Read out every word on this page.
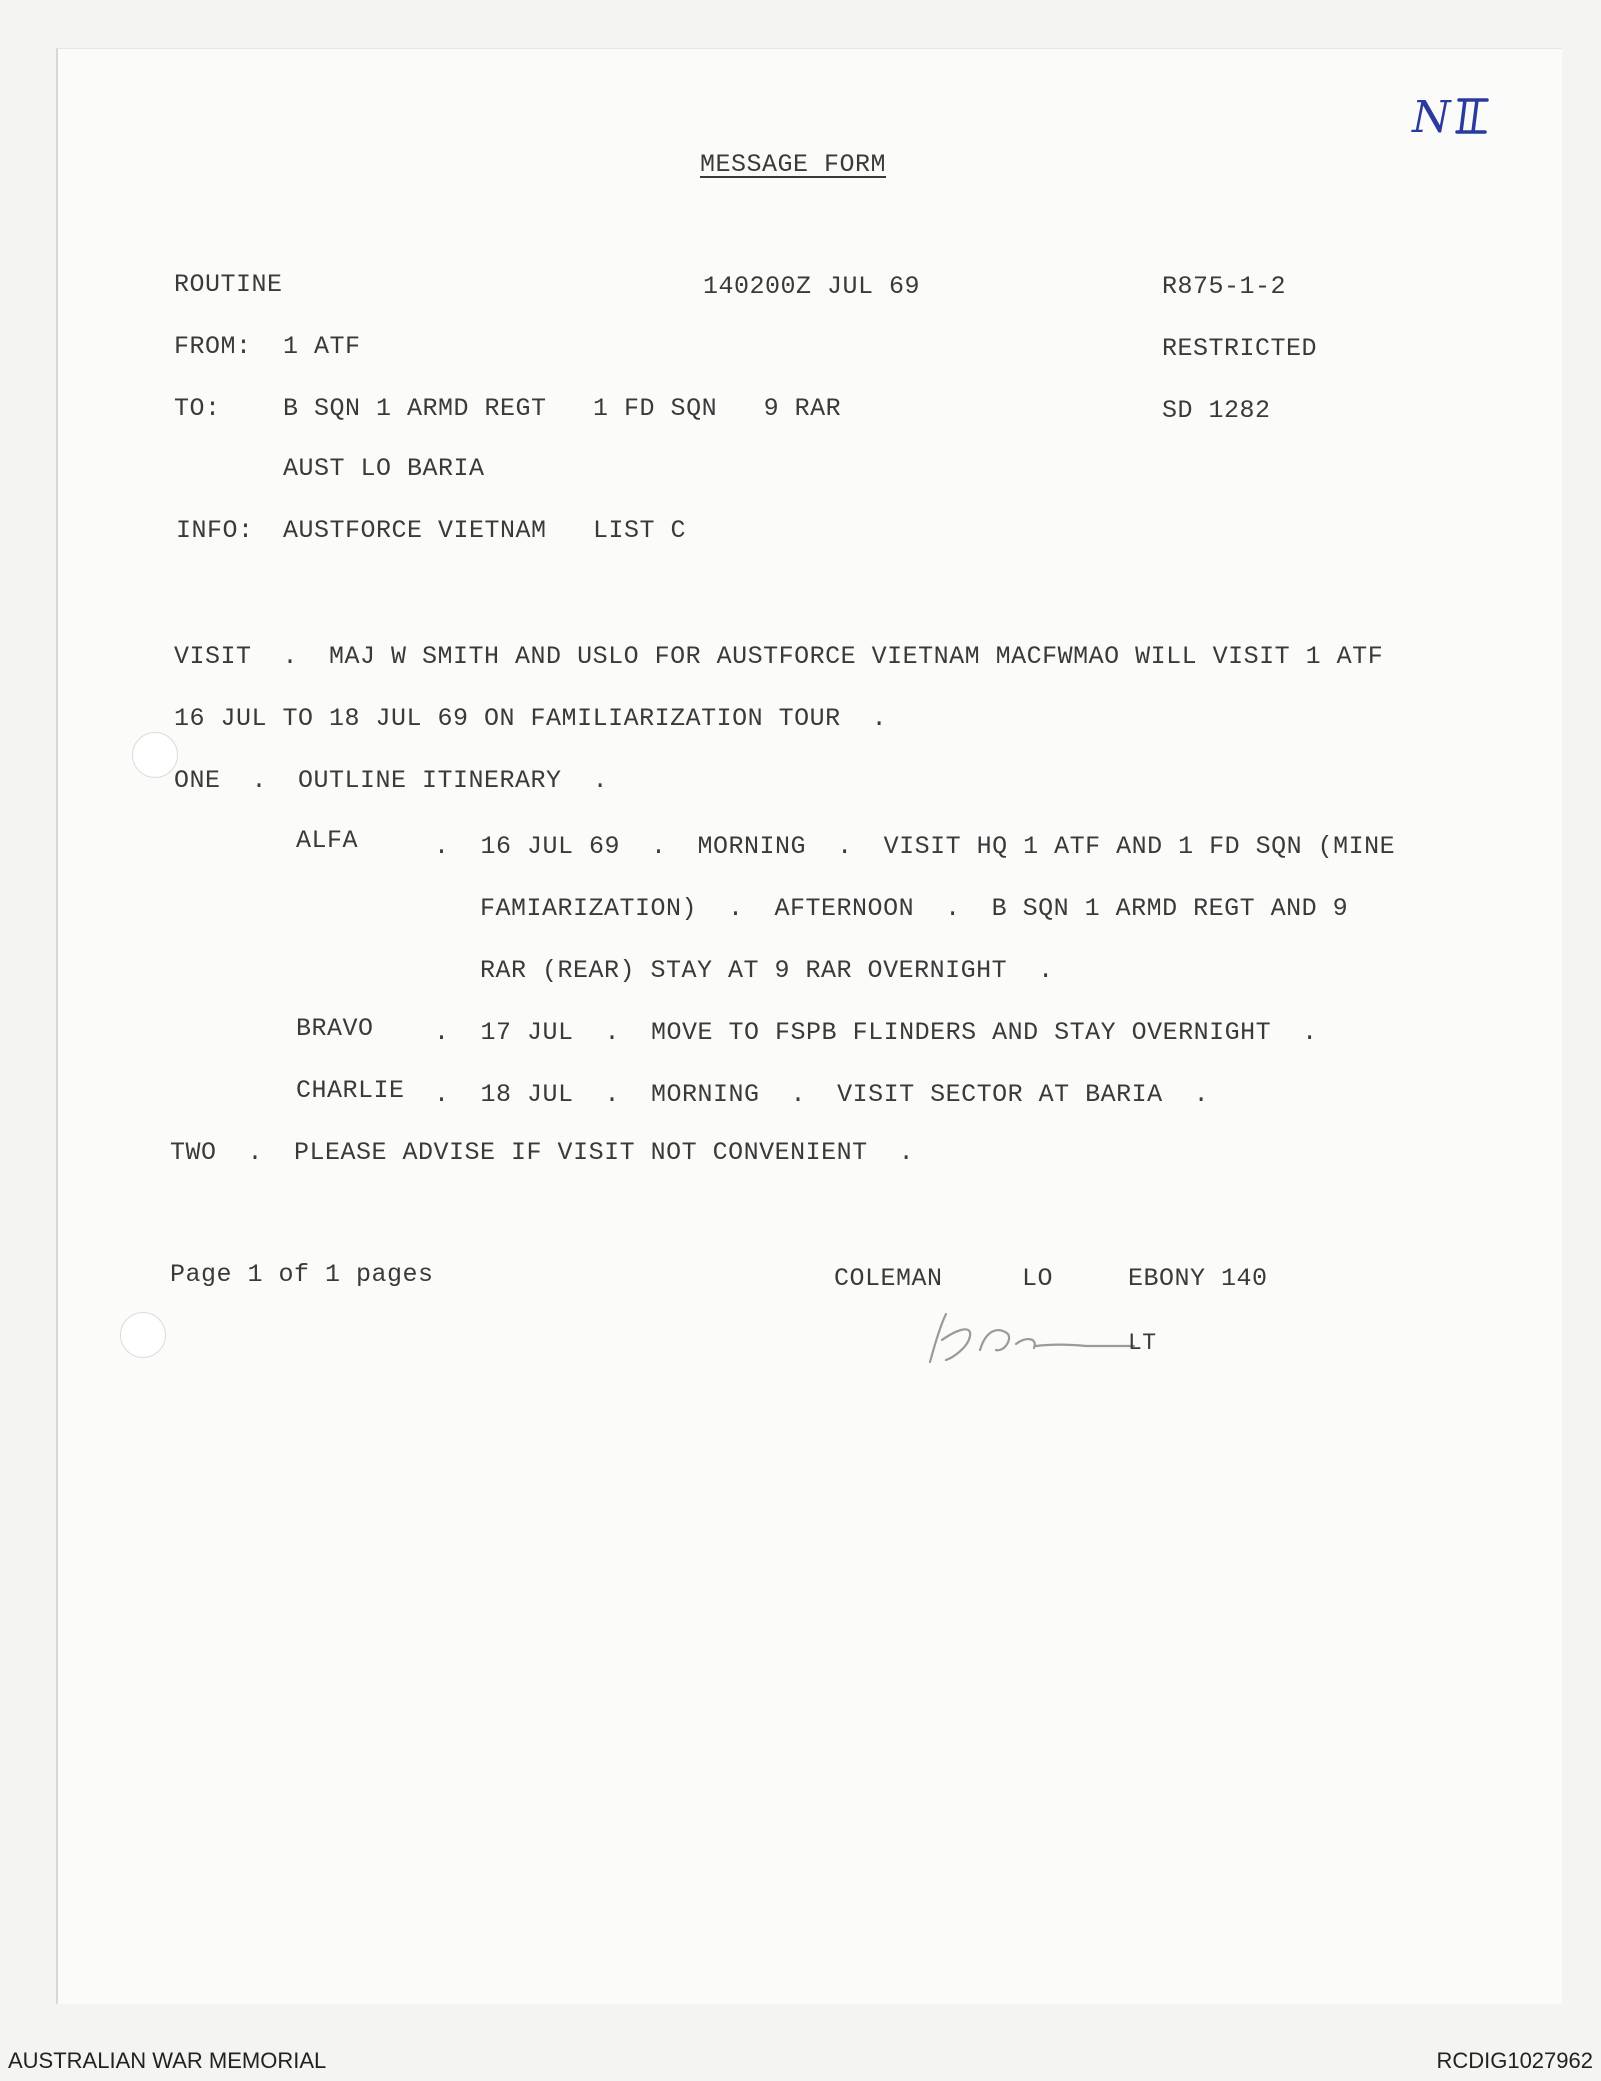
N
MESSAGE FORM
ROUTINE	140200Z JUL 69	R875-1-2
FROM: 1 ATF	RESTRICTED
TO: B SQN 1 ARMD REGT   1 FD SQN   9 RAR	SD 1282
AUST LO BARIA
INFO: AUSTFORCE VIETNAM   LIST C
VISIT  .  MAJ W SMITH AND USLO FOR AUSTFORCE VIETNAM MACFWMAO WILL VISIT 1 ATF
16 JUL TO 18 JUL 69 ON FAMILIARIZATION TOUR  .
ONE  .  OUTLINE ITINERARY  .
ALFA	.  16 JUL 69  .  MORNING  .  VISIT HQ 1 ATF AND 1 FD SQN (MINE
FAMIARIZATION)  .  AFTERNOON  .  B SQN 1 ARMD REGT AND 9
RAR (REAR) STAY AT 9 RAR OVERNIGHT  .
BRAVO .  17 JUL  .  MOVE TO FSPB FLINDERS AND STAY OVERNIGHT  .
CHARLIE .  18 JUL  .  MORNING  .  VISIT SECTOR AT BARIA  .
TWO  .  PLEASE ADVISE IF VISIT NOT CONVENIENT  .
Page 1 of 1 pages	COLEMAN	LO	EBONY 140
LT
AUSTRALIAN WAR MEMORIAL	RCDIG1027962
